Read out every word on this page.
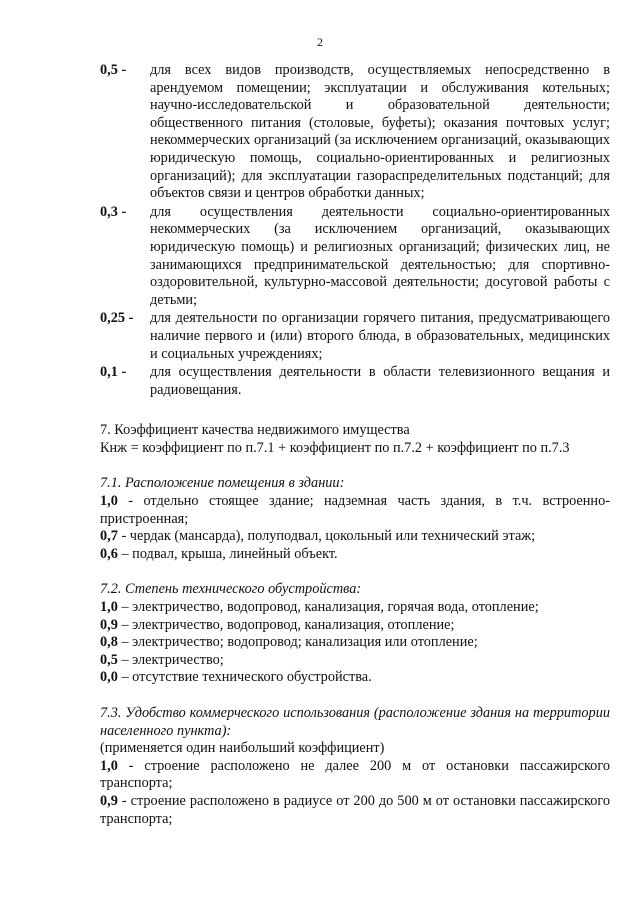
2
0,5 -	для всех видов производств, осуществляемых непосредственно в арендуемом помещении; эксплуатации и обслуживания котельных; научно-исследовательской и образовательной деятельности; общественного питания (столовые, буфеты); оказания почтовых услуг; некоммерческих организаций (за исключением организаций, оказывающих юридическую помощь, социально-ориентированных и религиозных организаций); для эксплуатации газораспределительных подстанций; для объектов связи и центров обработки данных;
0,3 -	для осуществления деятельности социально-ориентированных некоммерческих (за исключением организаций, оказывающих юридическую помощь) и религиозных организаций; физических лиц, не занимающихся предпринимательской деятельностью; для спортивно-оздоровительной, культурно-массовой деятельности; досуговой работы с детьми;
0,25 -	для деятельности по организации горячего питания, предусматривающего наличие первого и (или) второго блюда, в образовательных, медицинских и социальных учреждениях;
0,1 -	для осуществления деятельности в области телевизионного вещания и радиовещания.
7. Коэффициент качества недвижимого имущества
Кнж = коэффициент по п.7.1 + коэффициент по п.7.2 + коэффициент по п.7.3
7.1. Расположение помещения в здании:
1,0 - отдельно стоящее здание; надземная часть здания, в т.ч. встроенно-пристроенная;
0,7 - чердак (мансарда), полуподвал, цокольный или технический этаж;
0,6 – подвал, крыша, линейный объект.
7.2. Степень технического обустройства:
1,0 – электричество, водопровод, канализация, горячая вода, отопление;
0,9 – электричество, водопровод, канализация, отопление;
0,8 – электричество; водопровод; канализация или отопление;
0,5 – электричество;
0,0 – отсутствие технического обустройства.
7.3. Удобство коммерческого использования (расположение здания на территории населенного пункта):
(применяется один наибольший коэффициент)
1,0 - строение расположено не далее 200 м от остановки пассажирского транспорта;
0,9 - строение расположено в радиусе от 200 до 500 м от остановки пассажирского транспорта;
